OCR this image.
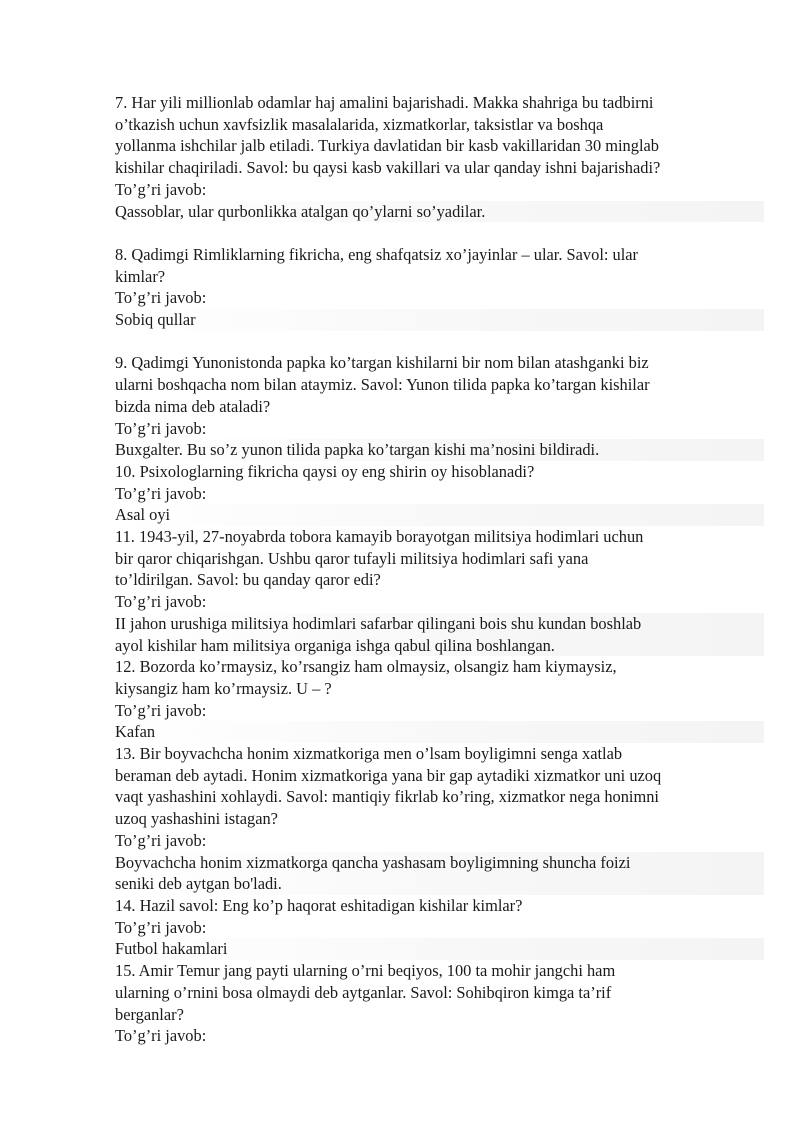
7. Har yili millionlab odamlar haj amalini bajarishadi. Makka shahriga bu tadbirni
o’tkazish uchun xavfsizlik masalalarida, xizmatkorlar, taksistlar va boshqa
yollanma ishchilar jalb etiladi. Turkiya davlatidan bir kasb vakillaridan 30 minglab
kishilar chaqiriladi. Savol: bu qaysi kasb vakillari va ular qanday ishni bajarishadi?
To’g’ri javob:
Qassoblar, ular qurbonlikka atalgan qo’ylarni so’yadilar.
8. Qadimgi Rimliklarning fikricha, eng shafqatsiz xo’jayinlar – ular. Savol: ular
kimlar?
To’g’ri javob:
Sobiq qullar
9. Qadimgi Yunonistonda papka ko’targan kishilarni bir nom bilan atashganki biz
ularni boshqacha nom bilan ataymiz. Savol: Yunon tilida papka ko’targan kishilar
bizda nima deb ataladi?
To’g’ri javob:
Buxgalter. Bu so’z yunon tilida papka ko’targan kishi ma’nosini bildiradi.
10. Psixologlarning fikricha qaysi oy eng shirin oy hisoblanadi?
To’g’ri javob:
Asal oyi
11. 1943-yil, 27-noyabrda tobora kamayib borayotgan militsiya hodimlari uchun
bir qaror chiqarishgan. Ushbu qaror tufayli militsiya hodimlari safi yana
to’ldirilgan. Savol: bu qanday qaror edi?
To’g’ri javob:
II jahon urushiga militsiya hodimlari safarbar qilingani bois shu kundan boshlab
ayol kishilar ham militsiya organiga ishga qabul qilina boshlangan.
12. Bozorda ko’rmaysiz, ko’rsangiz ham olmaysiz, olsangiz ham kiymaysiz,
kiysangiz ham ko’rmaysiz. U – ?
To’g’ri javob:
Kafan
13. Bir boyvachcha honim xizmatkoriga men o’lsam boyligimni senga xatlab
beraman deb aytadi. Honim xizmatkoriga yana bir gap aytadiki xizmatkor uni uzoq
vaqt yashashini xohlaydi. Savol: mantiqiy fikrlab ko’ring, xizmatkor nega honimni
uzoq yashashini istagan?
To’g’ri javob:
Boyvachcha honim xizmatkorga qancha yashasam boyligimning shuncha foizi
seniki deb aytgan bo'ladi.
14. Hazil savol: Eng ko’p haqorat eshitadigan kishilar kimlar?
To’g’ri javob:
Futbol hakamlari
15. Amir Temur jang payti ularning o’rni beqiyos, 100 ta mohir jangchi ham
ularning o’rnini bosa olmaydi deb aytganlar. Savol: Sohibqiron kimga ta’rif
berganlar?
To’g’ri javob:
